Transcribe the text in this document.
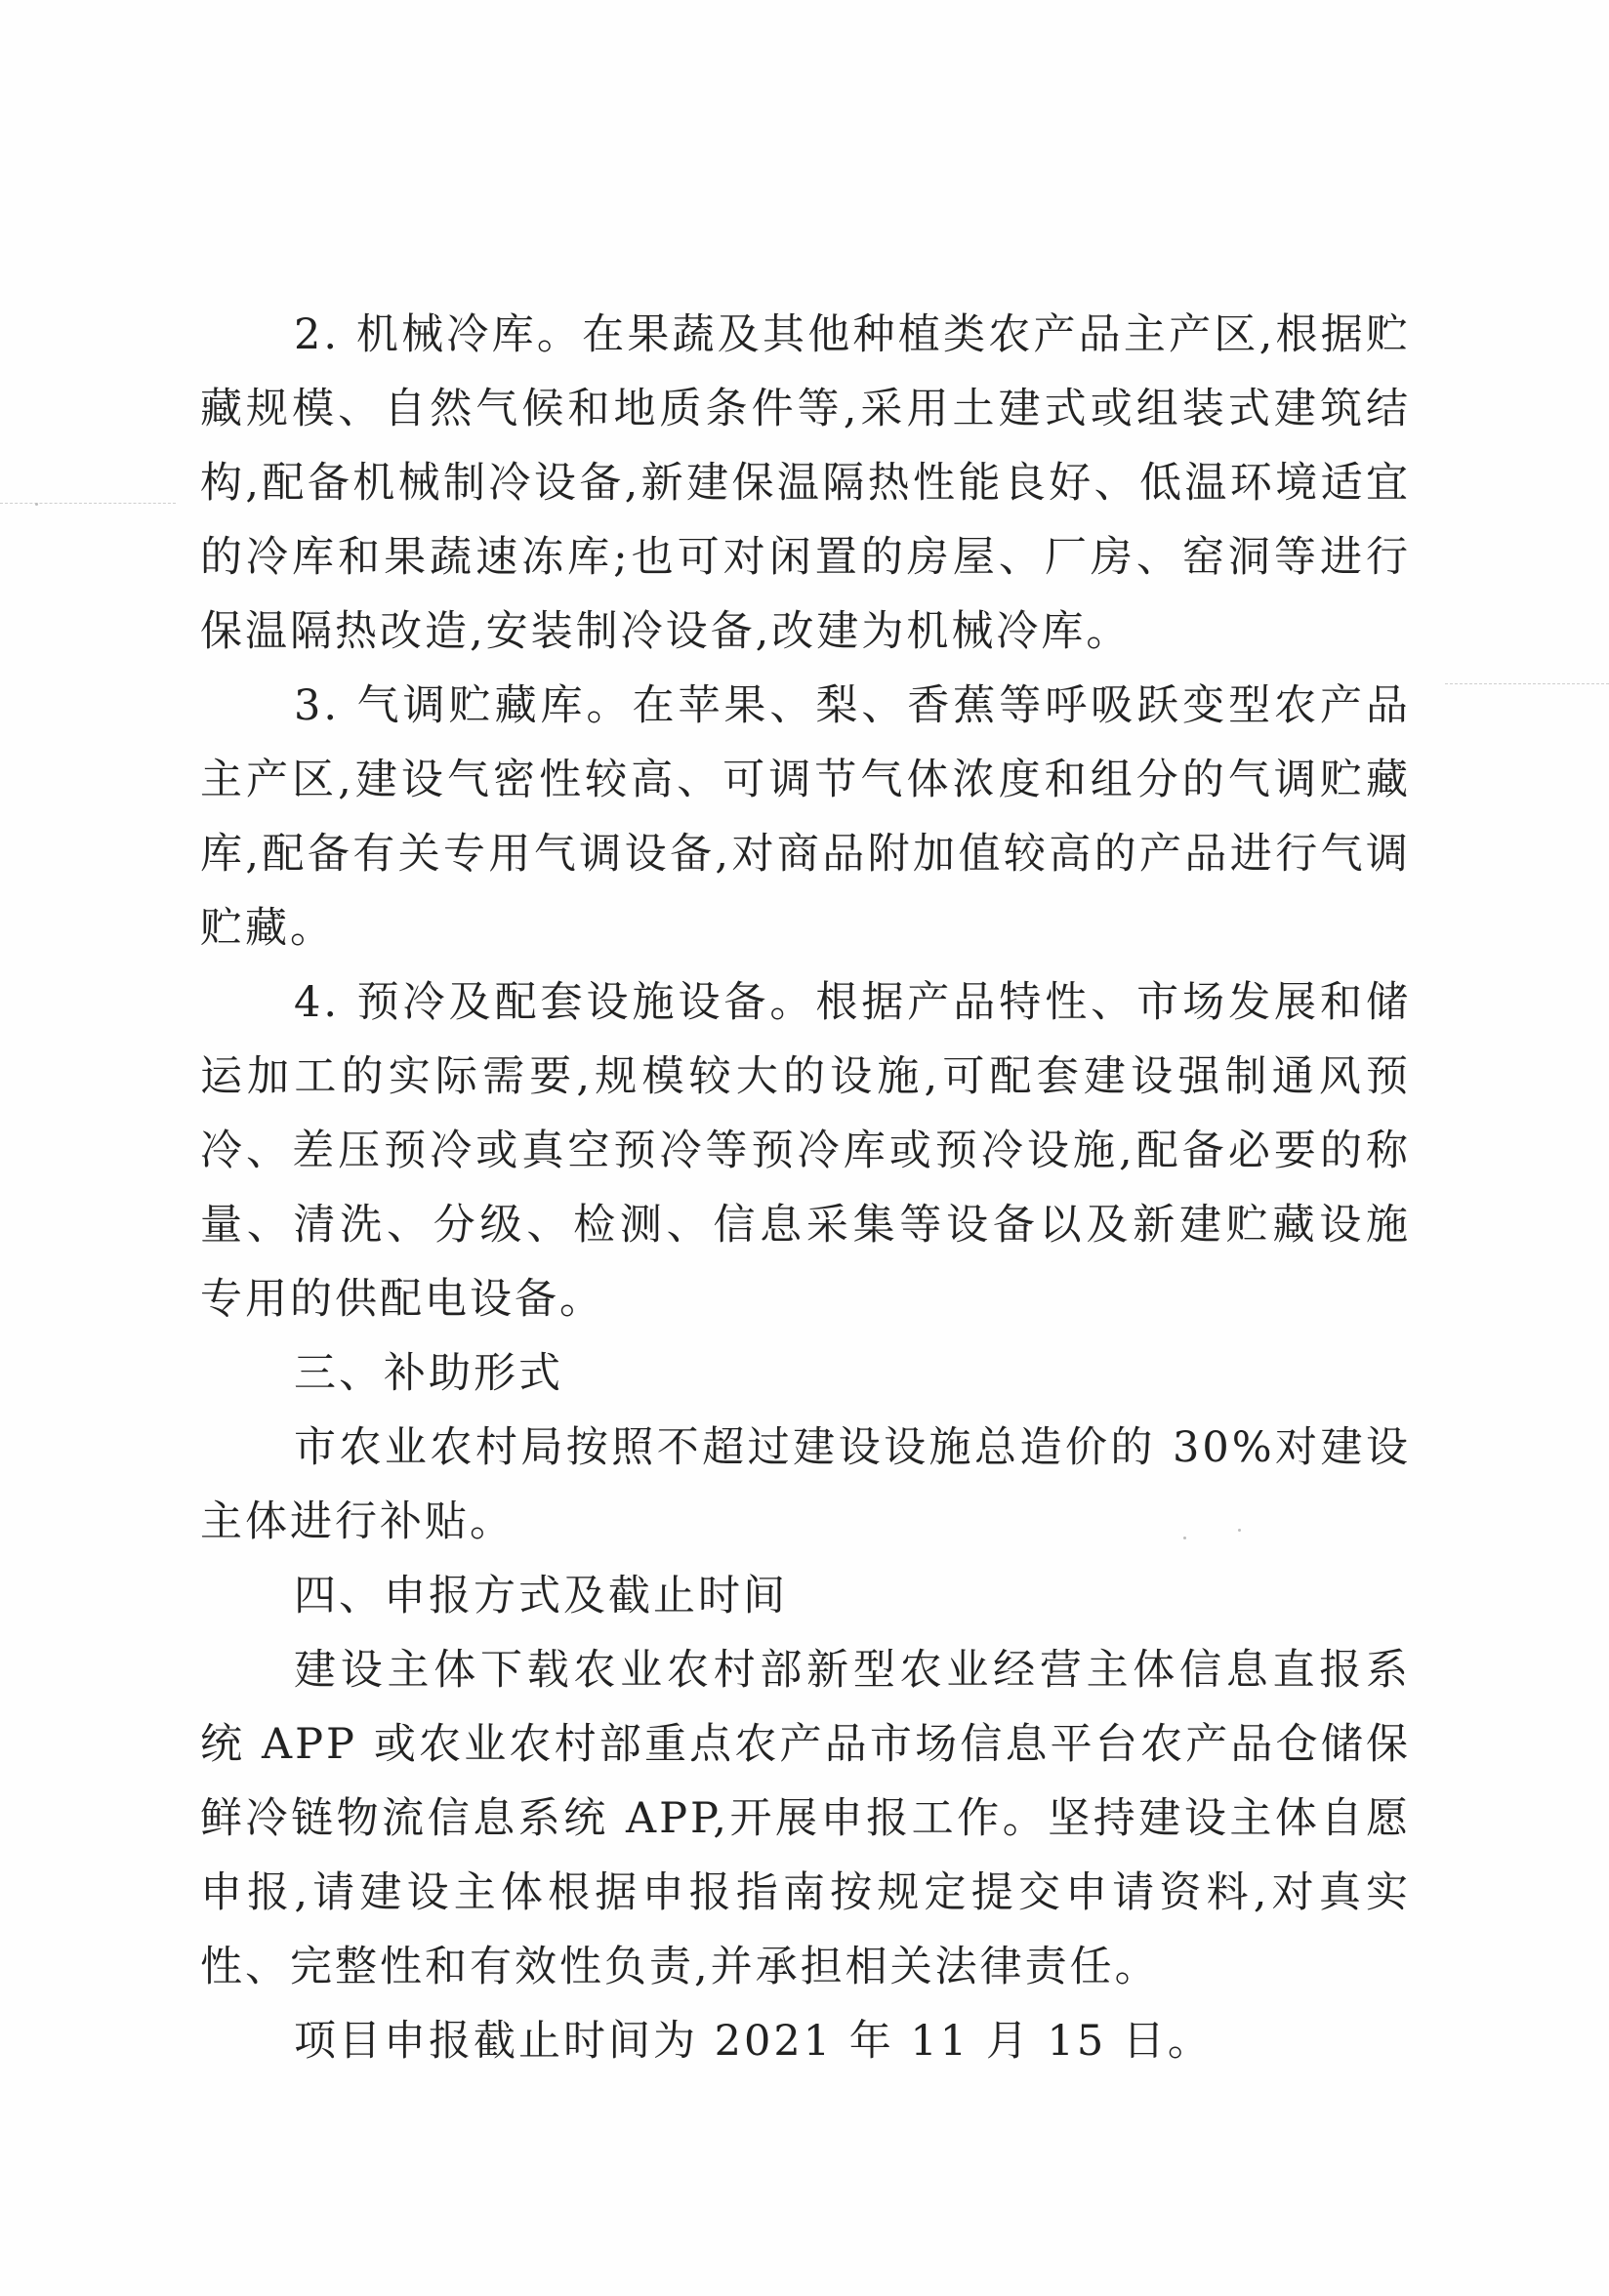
2. 机械冷库。在果蔬及其他种植类农产品主产区,根据贮藏规模、自然气候和地质条件等,采用土建式或组装式建筑结构,配备机械制冷设备,新建保温隔热性能良好、低温环境适宜的冷库和果蔬速冻库;也可对闲置的房屋、厂房、窑洞等进行保温隔热改造,安装制冷设备,改建为机械冷库。

3. 气调贮藏库。在苹果、梨、香蕉等呼吸跃变型农产品主产区,建设气密性较高、可调节气体浓度和组分的气调贮藏库,配备有关专用气调设备,对商品附加值较高的产品进行气调贮藏。

4. 预冷及配套设施设备。根据产品特性、市场发展和储运加工的实际需要,规模较大的设施,可配套建设强制通风预冷、差压预冷或真空预冷等预冷库或预冷设施,配备必要的称量、清洗、分级、检测、信息采集等设备以及新建贮藏设施专用的供配电设备。

三、补助形式

市农业农村局按照不超过建设设施总造价的 30%对建设主体进行补贴。

四、申报方式及截止时间

建设主体下载农业农村部新型农业经营主体信息直报系统 APP 或农业农村部重点农产品市场信息平台农产品仓储保鲜冷链物流信息系统 APP,开展申报工作。坚持建设主体自愿申报,请建设主体根据申报指南按规定提交申请资料,对真实性、完整性和有效性负责,并承担相关法律责任。

项目申报截止时间为 2021 年 11 月 15 日。
